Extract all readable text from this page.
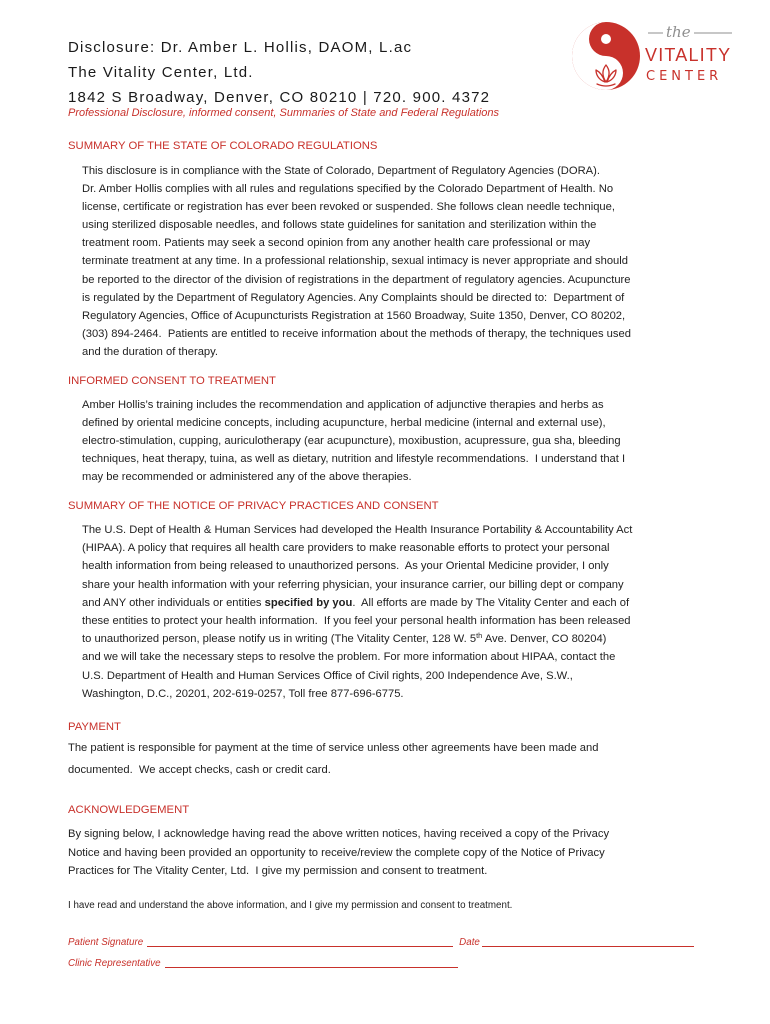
Disclosure: Dr. Amber L. Hollis, DAOM, L.ac
The Vitality Center, Ltd.
1842 S Broadway, Denver, CO 80210 | 720. 900. 4372
Professional Disclosure, informed consent, Summaries of State and Federal Regulations
the
VITALITY
CENTER
SUMMARY OF THE STATE OF COLORADO REGULATIONS
This disclosure is in compliance with the State of Colorado, Department of Regulatory Agencies (DORA).
Dr. Amber Hollis complies with all rules and regulations specified by the Colorado Department of Health. No
license, certificate or registration has ever been revoked or suspended. She follows clean needle technique,
using sterilized disposable needles, and follows state guidelines for sanitation and sterilization within the
treatment room. Patients may seek a second opinion from any another health care professional or may
terminate treatment at any time. In a professional relationship, sexual intimacy is never appropriate and should
be reported to the director of the division of registrations in the department of regulatory agencies. Acupuncture
is regulated by the Department of Regulatory Agencies. Any Complaints should be directed to:  Department of
Regulatory Agencies, Office of Acupuncturists Registration at 1560 Broadway, Suite 1350, Denver, CO 80202,
(303) 894-2464.  Patients are entitled to receive information about the methods of therapy, the techniques used
and the duration of therapy.
INFORMED CONSENT TO TREATMENT
Amber Hollis’s training includes the recommendation and application of adjunctive therapies and herbs as
defined by oriental medicine concepts, including acupuncture, herbal medicine (internal and external use),
electro-stimulation, cupping, auriculotherapy (ear acupuncture), moxibustion, acupressure, gua sha, bleeding
techniques, heat therapy, tuina, as well as dietary, nutrition and lifestyle recommendations.  I understand that I
may be recommended or administered any of the above therapies.
SUMMARY OF THE NOTICE OF PRIVACY PRACTICES AND CONSENT
The U.S. Dept of Health & Human Services had developed the Health Insurance Portability & Accountability Act
(HIPAA). A policy that requires all health care providers to make reasonable efforts to protect your personal
health information from being released to unauthorized persons.  As your Oriental Medicine provider, I only
share your health information with your referring physician, your insurance carrier, our billing dept or company
and ANY other individuals or entities specified by you.  All efforts are made by The Vitality Center and each of
these entities to protect your health information.  If you feel your personal health information has been released
to unauthorized person, please notify us in writing (The Vitality Center, 128 W. 5th Ave. Denver, CO 80204)
and we will take the necessary steps to resolve the problem. For more information about HIPAA, contact the
U.S. Department of Health and Human Services Office of Civil rights, 200 Independence Ave, S.W.,
Washington, D.C., 20201, 202-619-0257, Toll free 877-696-6775.
PAYMENT
The patient is responsible for payment at the time of service unless other agreements have been made and
documented.  We accept checks, cash or credit card.
ACKNOWLEDGEMENT
By signing below, I acknowledge having read the above written notices, having received a copy of the Privacy
Notice and having been provided an opportunity to receive/review the complete copy of the Notice of Privacy
Practices for The Vitality Center, Ltd.  I give my permission and consent to treatment.
I have read and understand the above information, and I give my permission and consent to treatment.
Patient Signature	Date
Clinic Representative
